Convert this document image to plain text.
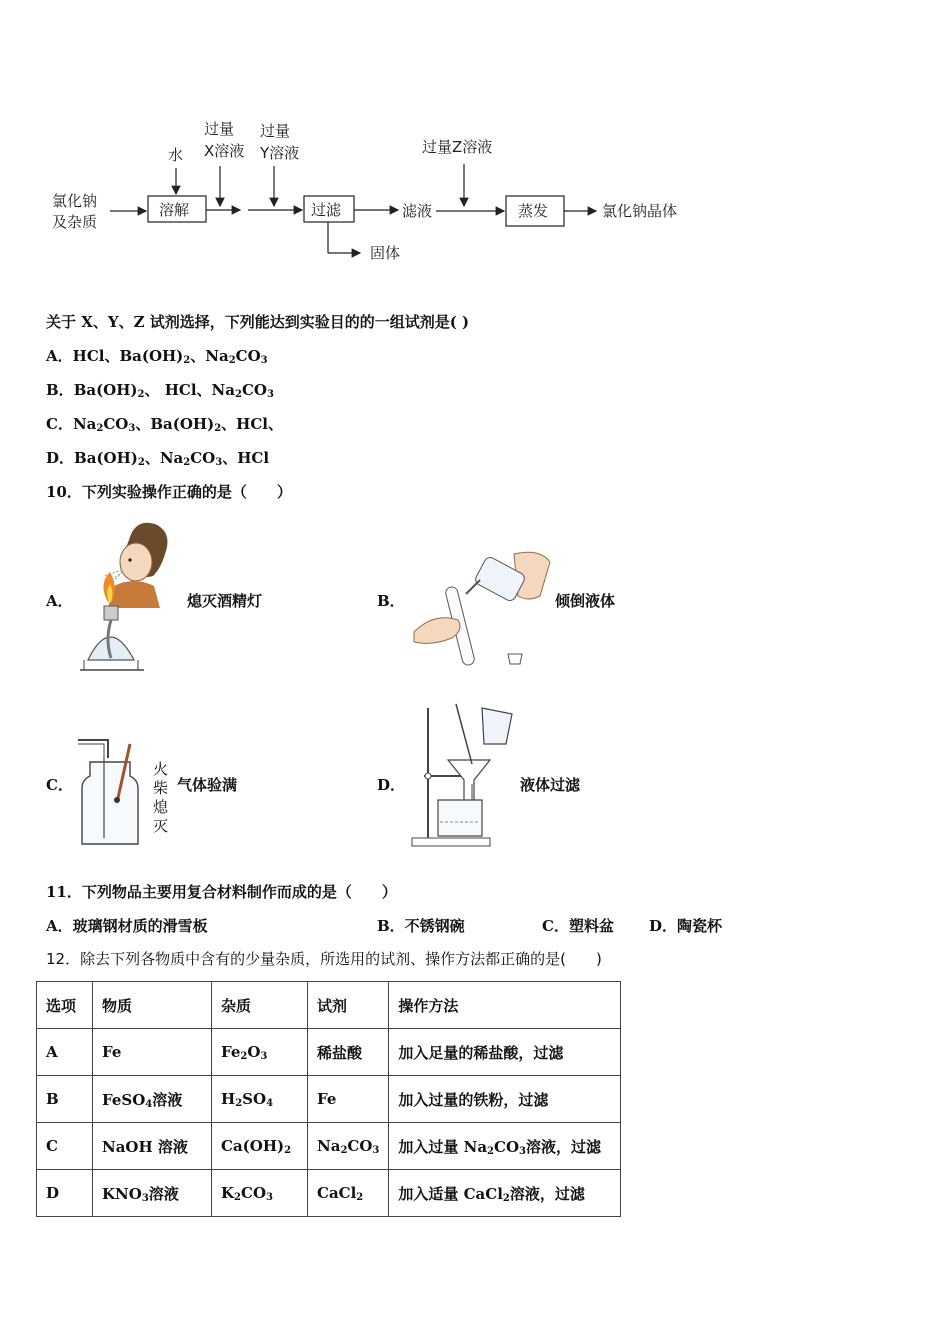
氯化钠
及杂质
水
溶解
过量
X溶液
过量
Y溶液
过滤
固体
滤液
过量Z溶液
蒸发	氯化钠晶体
关于 X、Y、Z 试剂选择，下列能达到实验目的的一组试剂是( )
A．HCl、$Ba(OH)_2$、$Na_2CO_3$
B．$Ba(OH)_2$、 HCl、$Na_2CO_3$
C．$Na_2CO_3$、$Ba(OH)_2$、HCl、
D．$Ba(OH)_2$、$Na_2CO_3$、HCl
10．下列实验操作正确的是（　　）
A．	熄灭酒精灯	B．	倾倒液体
C．
火
柴
熄
灭
气体验满	D．	液体过滤
11．下列物品主要用复合材料制作而成的是（　　）
A．玻璃钢材质的滑雪板	B．不锈钢碗	C．塑料盆 D．陶瓷杯
12．除去下列各物质中含有的少量杂质，所选用的试剂、操作方法都正确的是(　　)
选项	物质	杂质	试剂	操作方法
A	Fe	$Fe_2O_3$	稀盐酸	加入足量的稀盐酸，过滤
B	FeSO$_4$溶液	$H_2SO_4$	Fe	加入过量的铁粉，过滤
C	NaOH 溶液	$Ca(OH)_2$	$Na_2CO_3$	加入过量 $Na_2CO_3$溶液，过滤
D	$KNO_3$溶液	$K_2CO_3$	CaCl$_2$	加入适量 CaCl$_2$溶液，过滤
